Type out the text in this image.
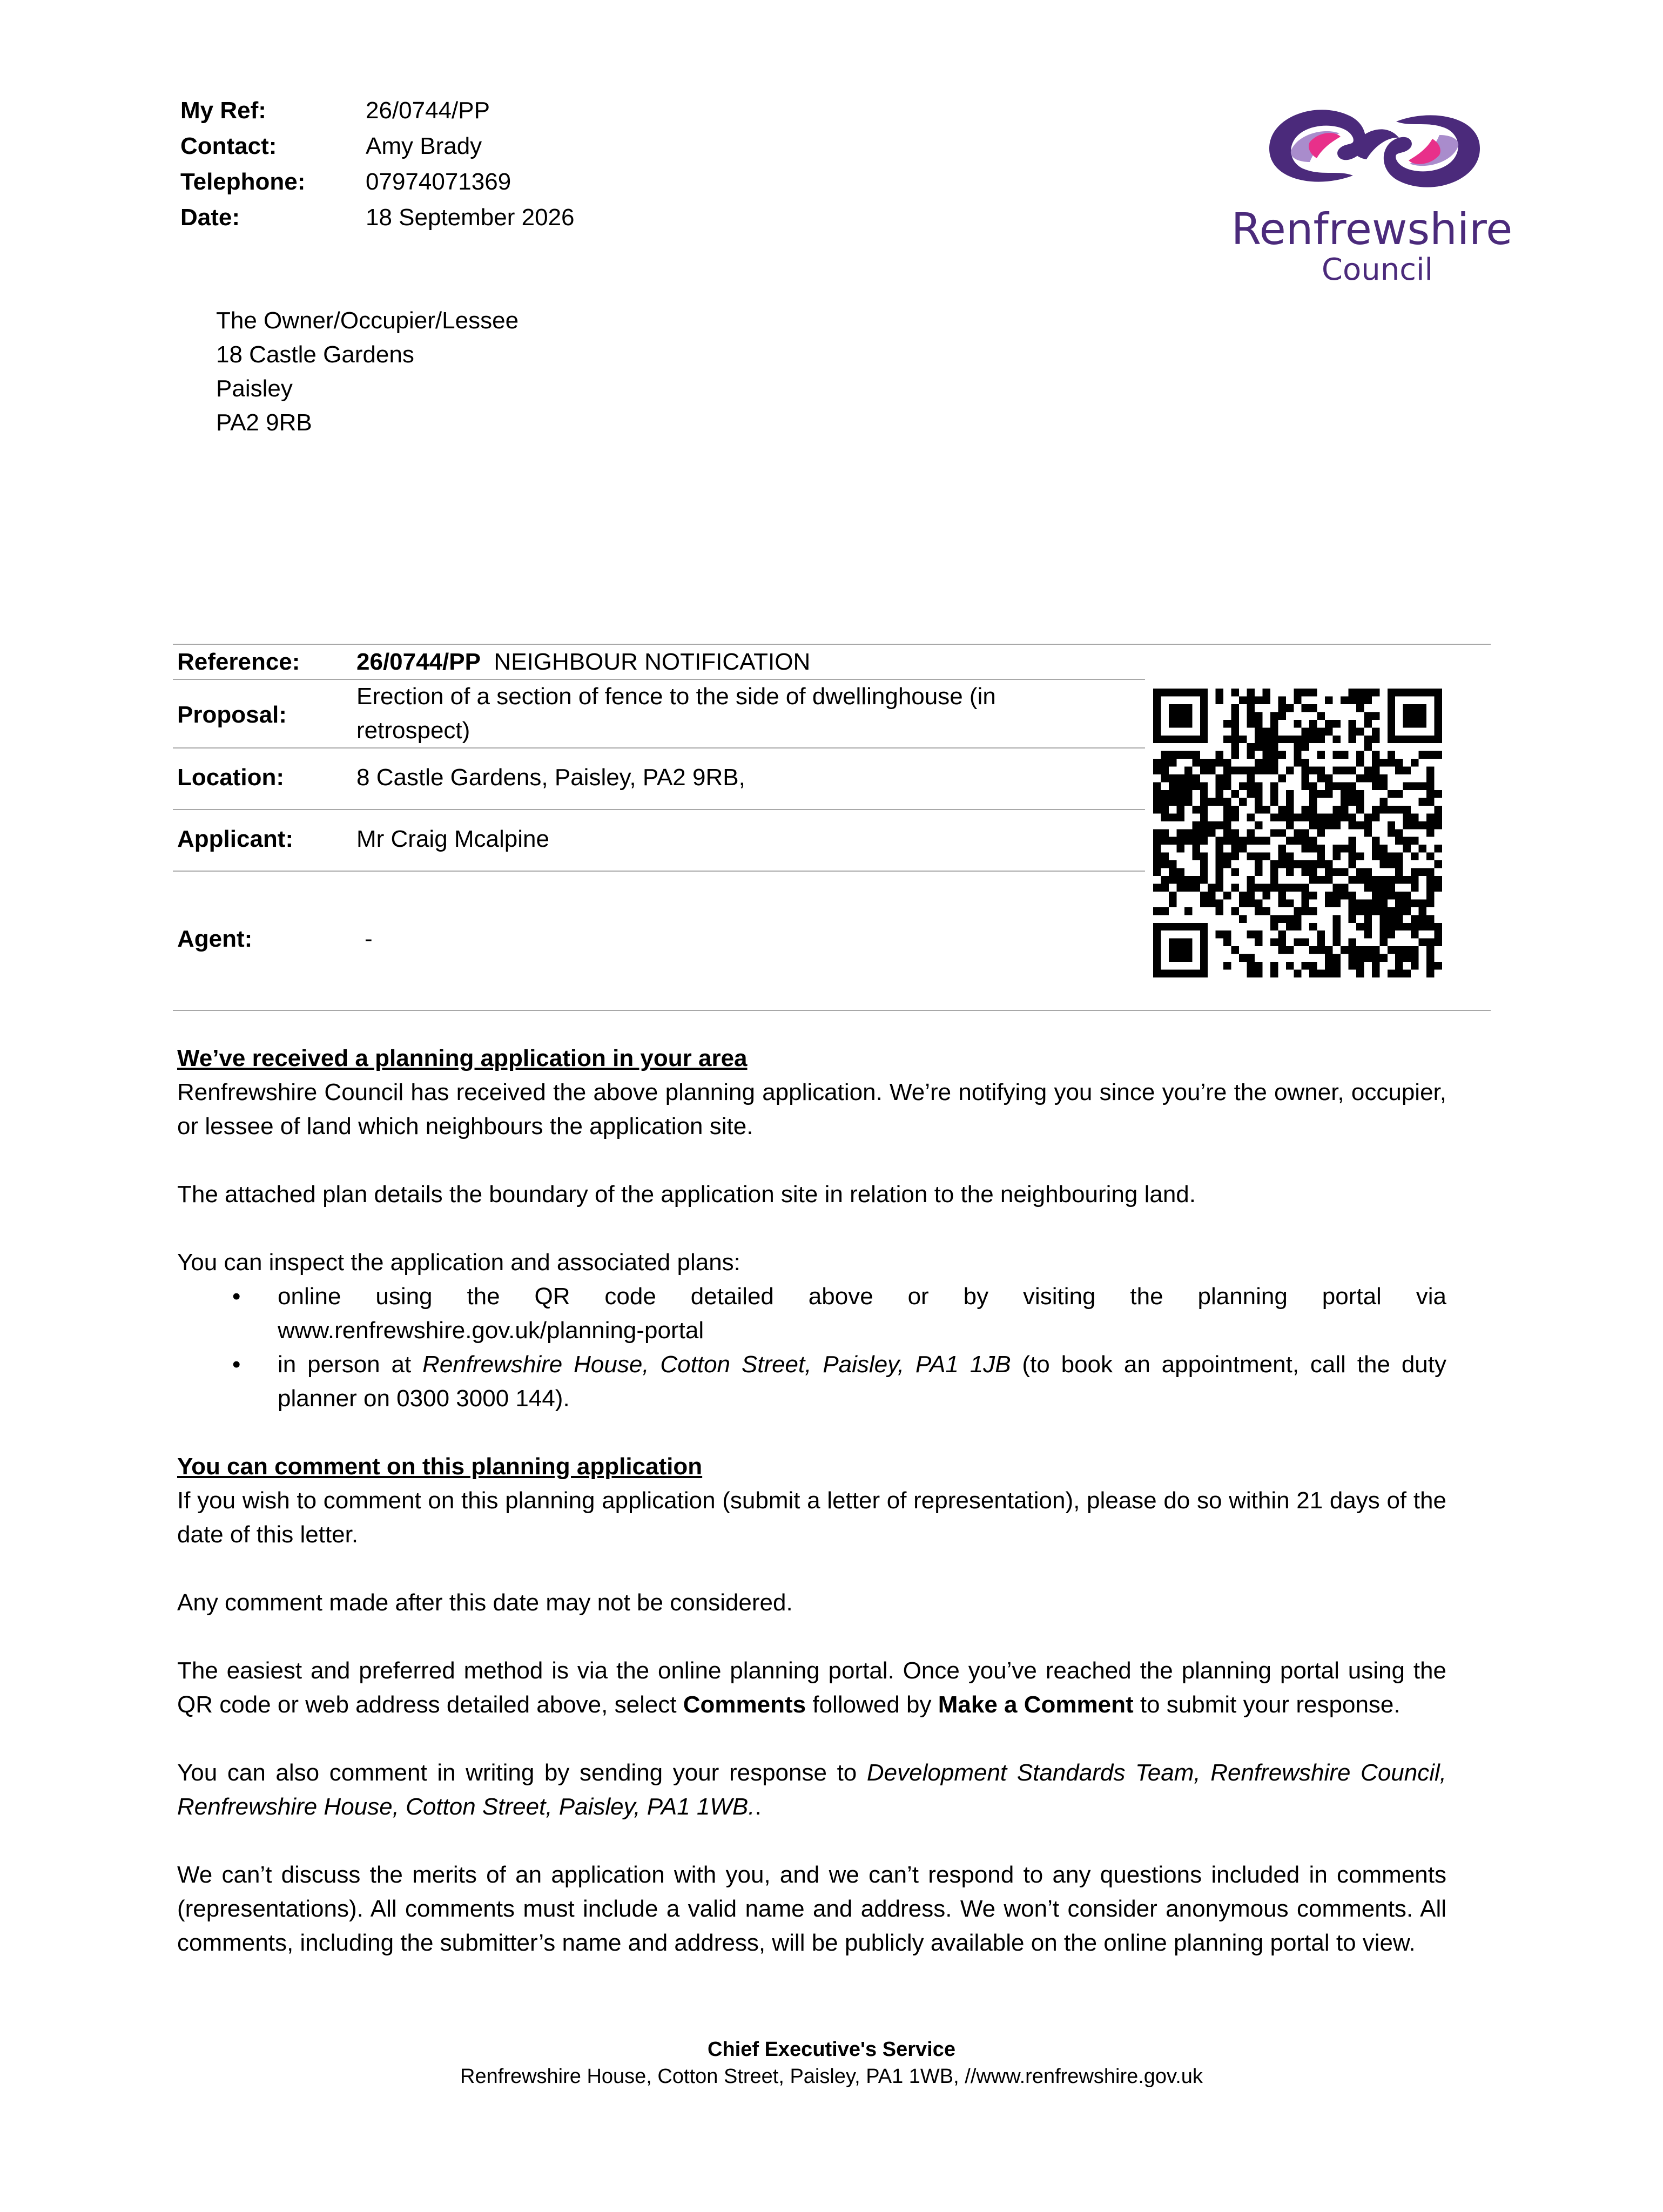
My Ref:	26/0744/PP
Contact:	Amy Brady
Telephone:	07974071369
Date:	18 September 2026	Renfrewshire
Council
The Owner/Occupier/Lessee
18 Castle Gardens
Paisley
PA2 9RB
Reference: 26/0744/PP NEIGHBOUR NOTIFICATION
Proposal:
Erection of a section of fence to the side of dwellinghouse (in retrospect)
Location:	8 Castle Gardens, Paisley, PA2 9RB,
Applicant:	Mr Craig Mcalpine
Agent:	-
We’ve received a planning application in your area

Renfrewshire Council has received the above planning application. We’re notifying you since you’re the owner, occupier, or lessee of land which neighbours the application site.

The attached plan details the boundary of the application site in relation to the neighbouring land.

You can inspect the application and associated plans:

• online using the QR code detailed above or by visiting the planning portal via www.renfrewshire.gov.uk/planning-portal
• in person at Renfrewshire House, Cotton Street, Paisley, PA1 1JB (to book an appointment, call the duty planner on 0300 3000 144).
You can comment on this planning application

If you wish to comment on this planning application (submit a letter of representation), please do so within 21 days of the date of this letter.

Any comment made after this date may not be considered.

The easiest and preferred method is via the online planning portal. Once you’ve reached the planning portal using the QR code or web address detailed above, select Comments followed by Make a Comment to submit your response.

You can also comment in writing by sending your response to Development Standards Team, Renfrewshire Council, Renfrewshire House, Cotton Street, Paisley, PA1 1WB..

We can’t discuss the merits of an application with you, and we can’t respond to any questions included in comments (representations). All comments must include a valid name and address. We won’t consider anonymous comments. All comments, including the submitter’s name and address, will be publicly available on the online planning portal to view.

Chief Executive's Service
Renfrewshire House, Cotton Street, Paisley, PA1 1WB, //www.renfrewshire.gov.uk
